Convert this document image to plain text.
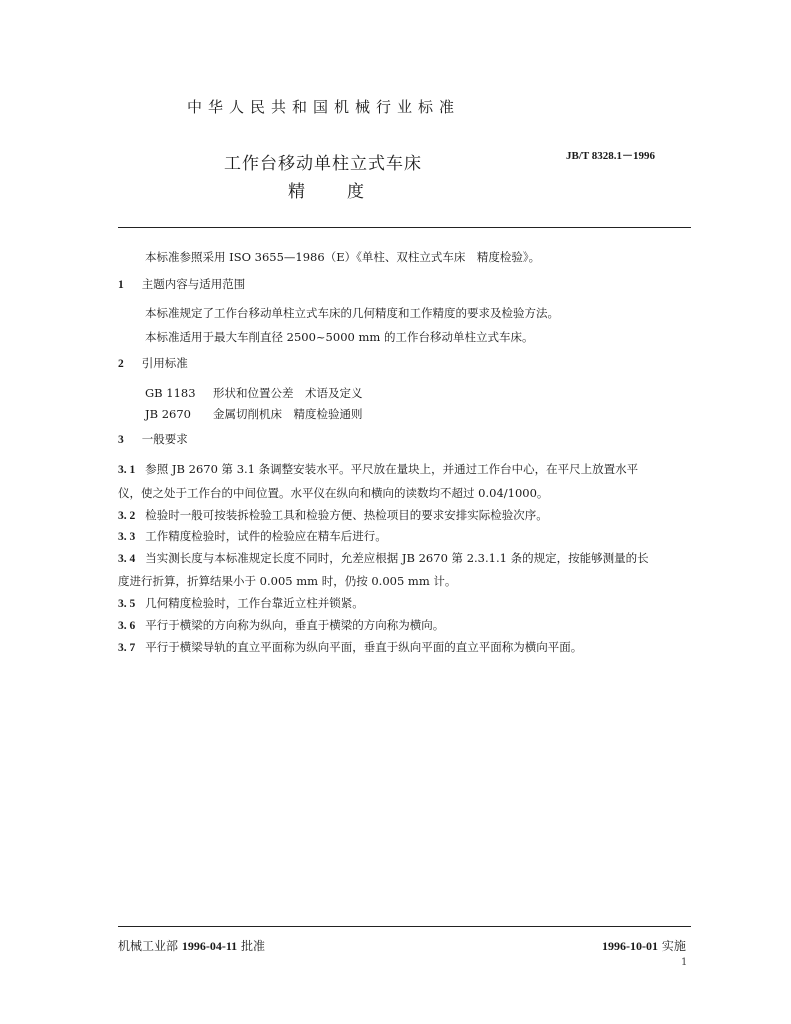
中华人民共和国机械行业标准
JB/T 8328.1－1996
工作台移动单柱立式车床
精 度
本标准参照采用 ISO 3655—1986（E）《单柱、双柱立式车床　精度检验》。
1 主题内容与适用范围
本标准规定了工作台移动单柱立式车床的几何精度和工作精度的要求及检验方法。
本标准适用于最大车削直径 2500~5000 mm 的工作台移动单柱立式车床。
2 引用标准
GB 1183 形状和位置公差　术语及定义
JB 2670 金属切削机床　精度检验通则
3 一般要求
3. 1 参照 JB 2670 第 3.1 条调整安装水平。平尺放在量块上，并通过工作台中心，在平尺上放置水平
仪，使之处于工作台的中间位置。水平仪在纵向和横向的读数均不超过 0.04/1000。
3. 2 检验时一般可按装拆检验工具和检验方便、热检项目的要求安排实际检验次序。
3. 3 工作精度检验时，试件的检验应在精车后进行。
3. 4 当实测长度与本标准规定长度不同时，允差应根据 JB 2670 第 2.3.1.1 条的规定，按能够测量的长
度进行折算，折算结果小于 0.005 mm 时，仍按 0.005 mm 计。
3. 5 几何精度检验时，工作台靠近立柱并锁紧。
3. 6 平行于横梁的方向称为纵向，垂直于横梁的方向称为横向。
3. 7 平行于横梁导轨的直立平面称为纵向平面，垂直于纵向平面的直立平面称为横向平面。
机械工业部 1996-04-11 批准	1996-10-01 实施
1
